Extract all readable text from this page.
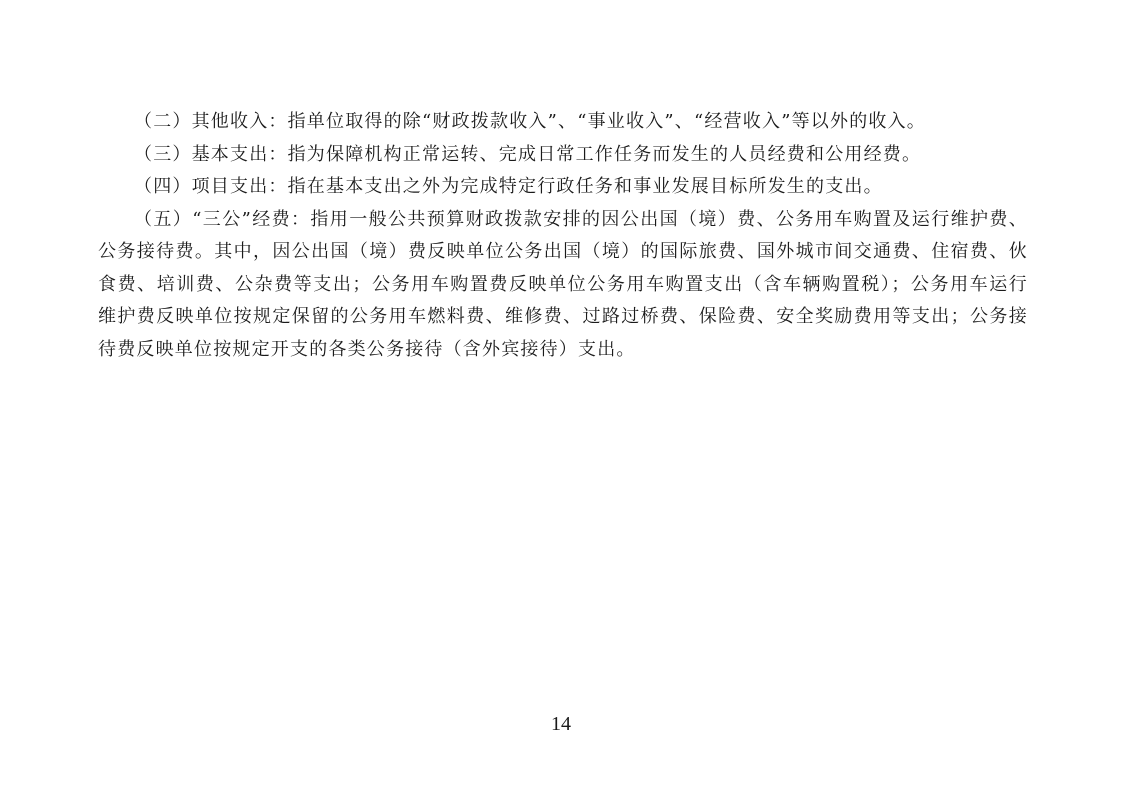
（二）其他收入：指单位取得的除“财政拨款收入”、“事业收入”、“经营收入”等以外的收入。

（三）基本支出：指为保障机构正常运转、完成日常工作任务而发生的人员经费和公用经费。

（四）项目支出：指在基本支出之外为完成特定行政任务和事业发展目标所发生的支出。

（五）“三公”经费：指用一般公共预算财政拨款安排的因公出国（境）费、公务用车购置及运行维护费、公务接待费。其中，因公出国（境）费反映单位公务出国（境）的国际旅费、国外城市间交通费、住宿费、伙食费、培训费、公杂费等支出；公务用车购置费反映单位公务用车购置支出（含车辆购置税）；公务用车运行维护费反映单位按规定保留的公务用车燃料费、维修费、过路过桥费、保险费、安全奖励费用等支出；公务接待费反映单位按规定开支的各类公务接待（含外宾接待）支出。

14
